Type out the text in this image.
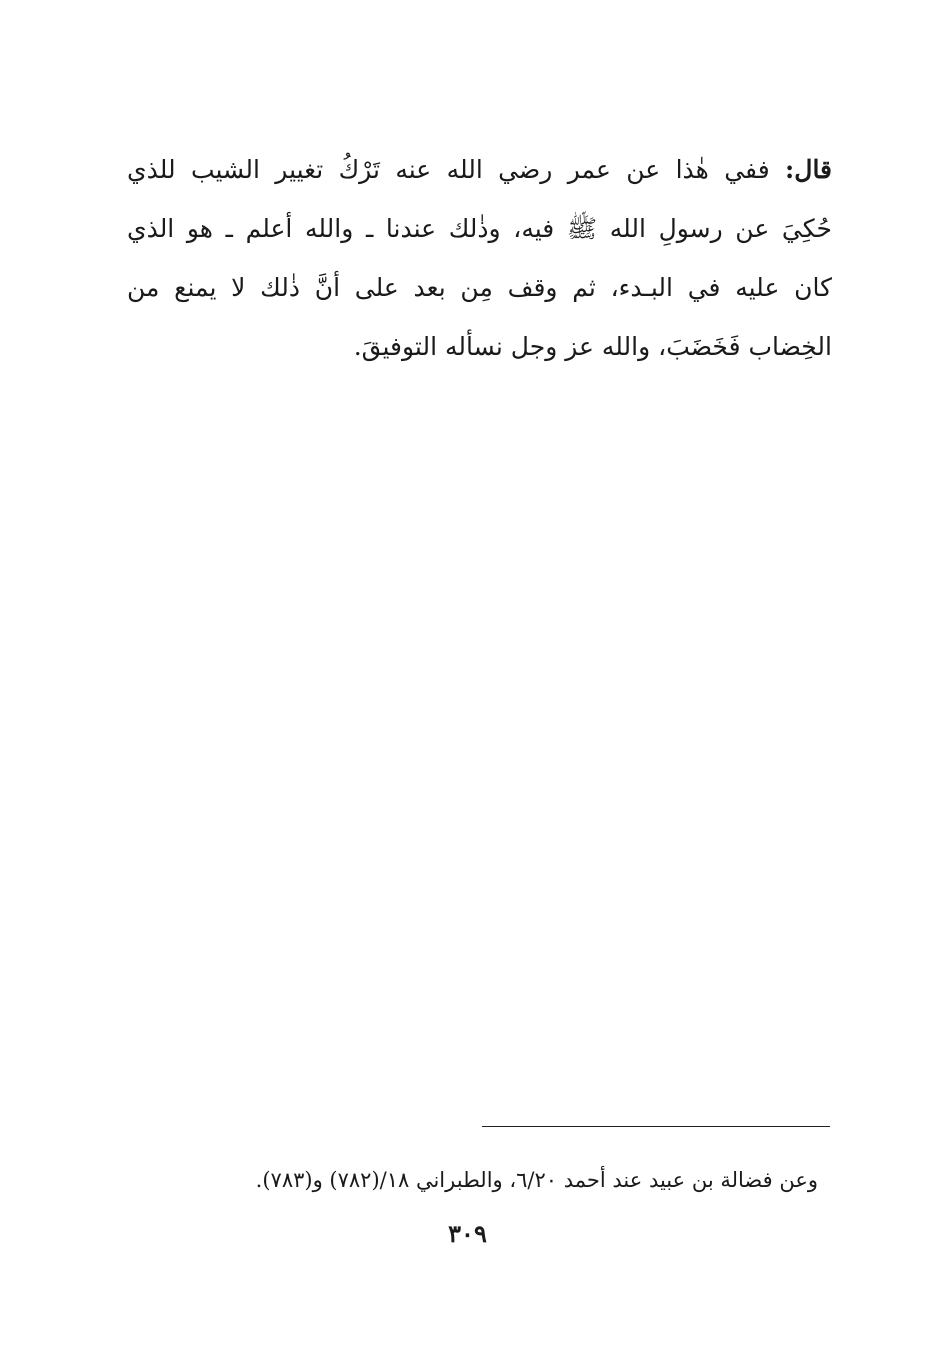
قال: ففي هٰذا عن عمر رضي الله عنه تَرْكُ تغيير الشيب للذي
حُكِيَ عن رسولِ الله ﷺ فيه، وذٰلك عندنا ـ والله أعلم ـ هو الذي
كان عليه في البـدء، ثم وقف مِن بعد على أنَّ ذٰلك لا يمنع من
الخِضاب فَخَضَبَ، والله عز وجل نسأله التوفيقَ.

وعن فضالة بن عبيد عند أحمد ٦/٢٠، والطبراني ١٨/(٧٨٢) و(٧٨٣).

٣٠٩
